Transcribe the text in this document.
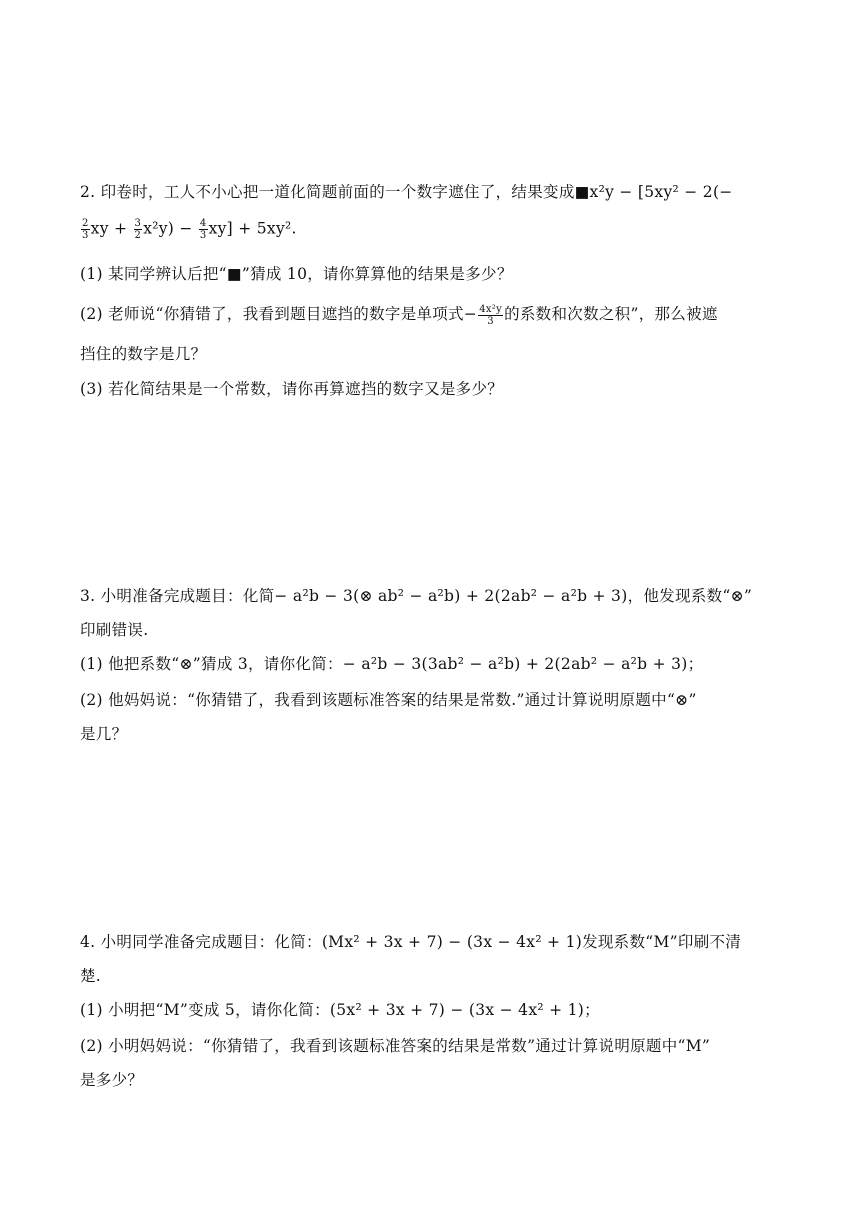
2. 印卷时，工人不小心把一道化简题前面的一个数字遮住了，结果变成■x²y − [5xy² − 2(−
$\frac{2}{3}$ xy + $\frac{3}{2} x^2y) - \frac{4}{3} xy] + 5xy^2$.
(1) 某同学辨认后把“■”猜成 10，请你算算他的结果是多少？
(2) 老师说“你猜错了，我看到题目遮挡的数字是单项式− $\frac{\text{4x²y}}{3}$ 的系数和次数之积”，那么被遮
挡住的数字是几？
(3) 若化简结果是一个常数，请你再算遮挡的数字又是多少？
3. 小明准备完成题目：化简− a²b − 3(⊗ ab² − a²b) + 2(2ab² − a²b + 3)，他发现系数“⊗”
印刷错误.
(1) 他把系数“⊗”猜成 3，请你化简：− a²b − 3(3ab² − a²b) + 2(2ab² − a²b + 3)；
(2) 他妈妈说：“你猜错了，我看到该题标准答案的结果是常数.”通过计算说明原题中“⊗”
是几？
4. 小明同学准备完成题目：化简：(Mx² + 3x + 7) − (3x − 4x² + 1)发现系数“M”印刷不清
楚.
(1) 小明把“M”变成 5，请你化简：(5x² + 3x + 7) − (3x − 4x² + 1)；
(2) 小明妈妈说：“你猜错了，我看到该题标准答案的结果是常数”通过计算说明原题中“M”
是多少？
